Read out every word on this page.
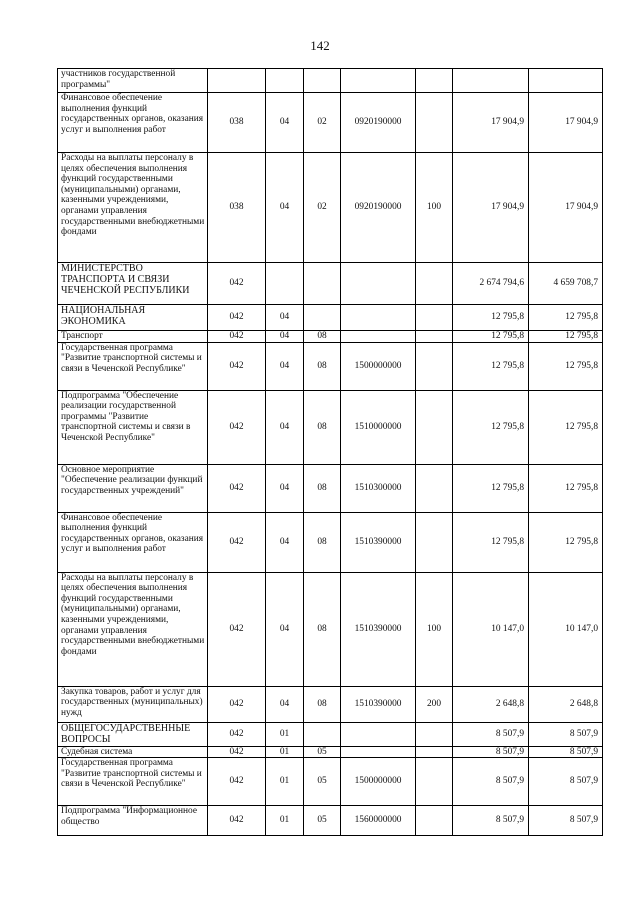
142
участников государственной программы"							
Финансовое обеспечение выполнения функций государственных органов, оказания услуг и выполнения работ	038	04	02	0920190000		17 904,9	17 904,9
Расходы на выплаты персоналу в целях обеспечения выполнения функций государственными (муниципальными) органами, казенными учреждениями, органами управления государственными внебюджетными фондами	038	04	02	0920190000	100	17 904,9	17 904,9
МИНИСТЕРСТВО ТРАНСПОРТА И СВЯЗИ ЧЕЧЕНСКОЙ РЕСПУБЛИКИ	042					2 674 794,6	4 659 708,7
НАЦИОНАЛЬНАЯ ЭКОНОМИКА	042	04				12 795,8	12 795,8
Транспорт	042	04	08			12 795,8	12 795,8
Государственная программа "Развитие транспортной системы и связи в Чеченской Республике"	042	04	08	1500000000		12 795,8	12 795,8
Подпрограмма "Обеспечение реализации государственной программы "Развитие транспортной системы и связи в Чеченской Республике"	042	04	08	1510000000		12 795,8	12 795,8
Основное мероприятие "Обеспечение реализации функций государственных учреждений"	042	04	08	1510300000		12 795,8	12 795,8
Финансовое обеспечение выполнения функций государственных органов, оказания услуг и выполнения работ	042	04	08	1510390000		12 795,8	12 795,8
Расходы на выплаты персоналу в целях обеспечения выполнения функций государственными (муниципальными) органами, казенными учреждениями, органами управления государственными внебюджетными фондами	042	04	08	1510390000	100	10 147,0	10 147,0
Закупка товаров, работ и услуг для государственных (муниципальных) нужд	042	04	08	1510390000	200	2 648,8	2 648,8
ОБЩЕГОСУДАРСТВЕННЫЕ ВОПРОСЫ	042	01				8 507,9	8 507,9
Судебная система	042	01	05			8 507,9	8 507,9
Государственная программа "Развитие транспортной системы и связи в Чеченской Республике"	042	01	05	1500000000		8 507,9	8 507,9
Подпрограмма "Информационное общество	042	01	05	1560000000		8 507,9	8 507,9
